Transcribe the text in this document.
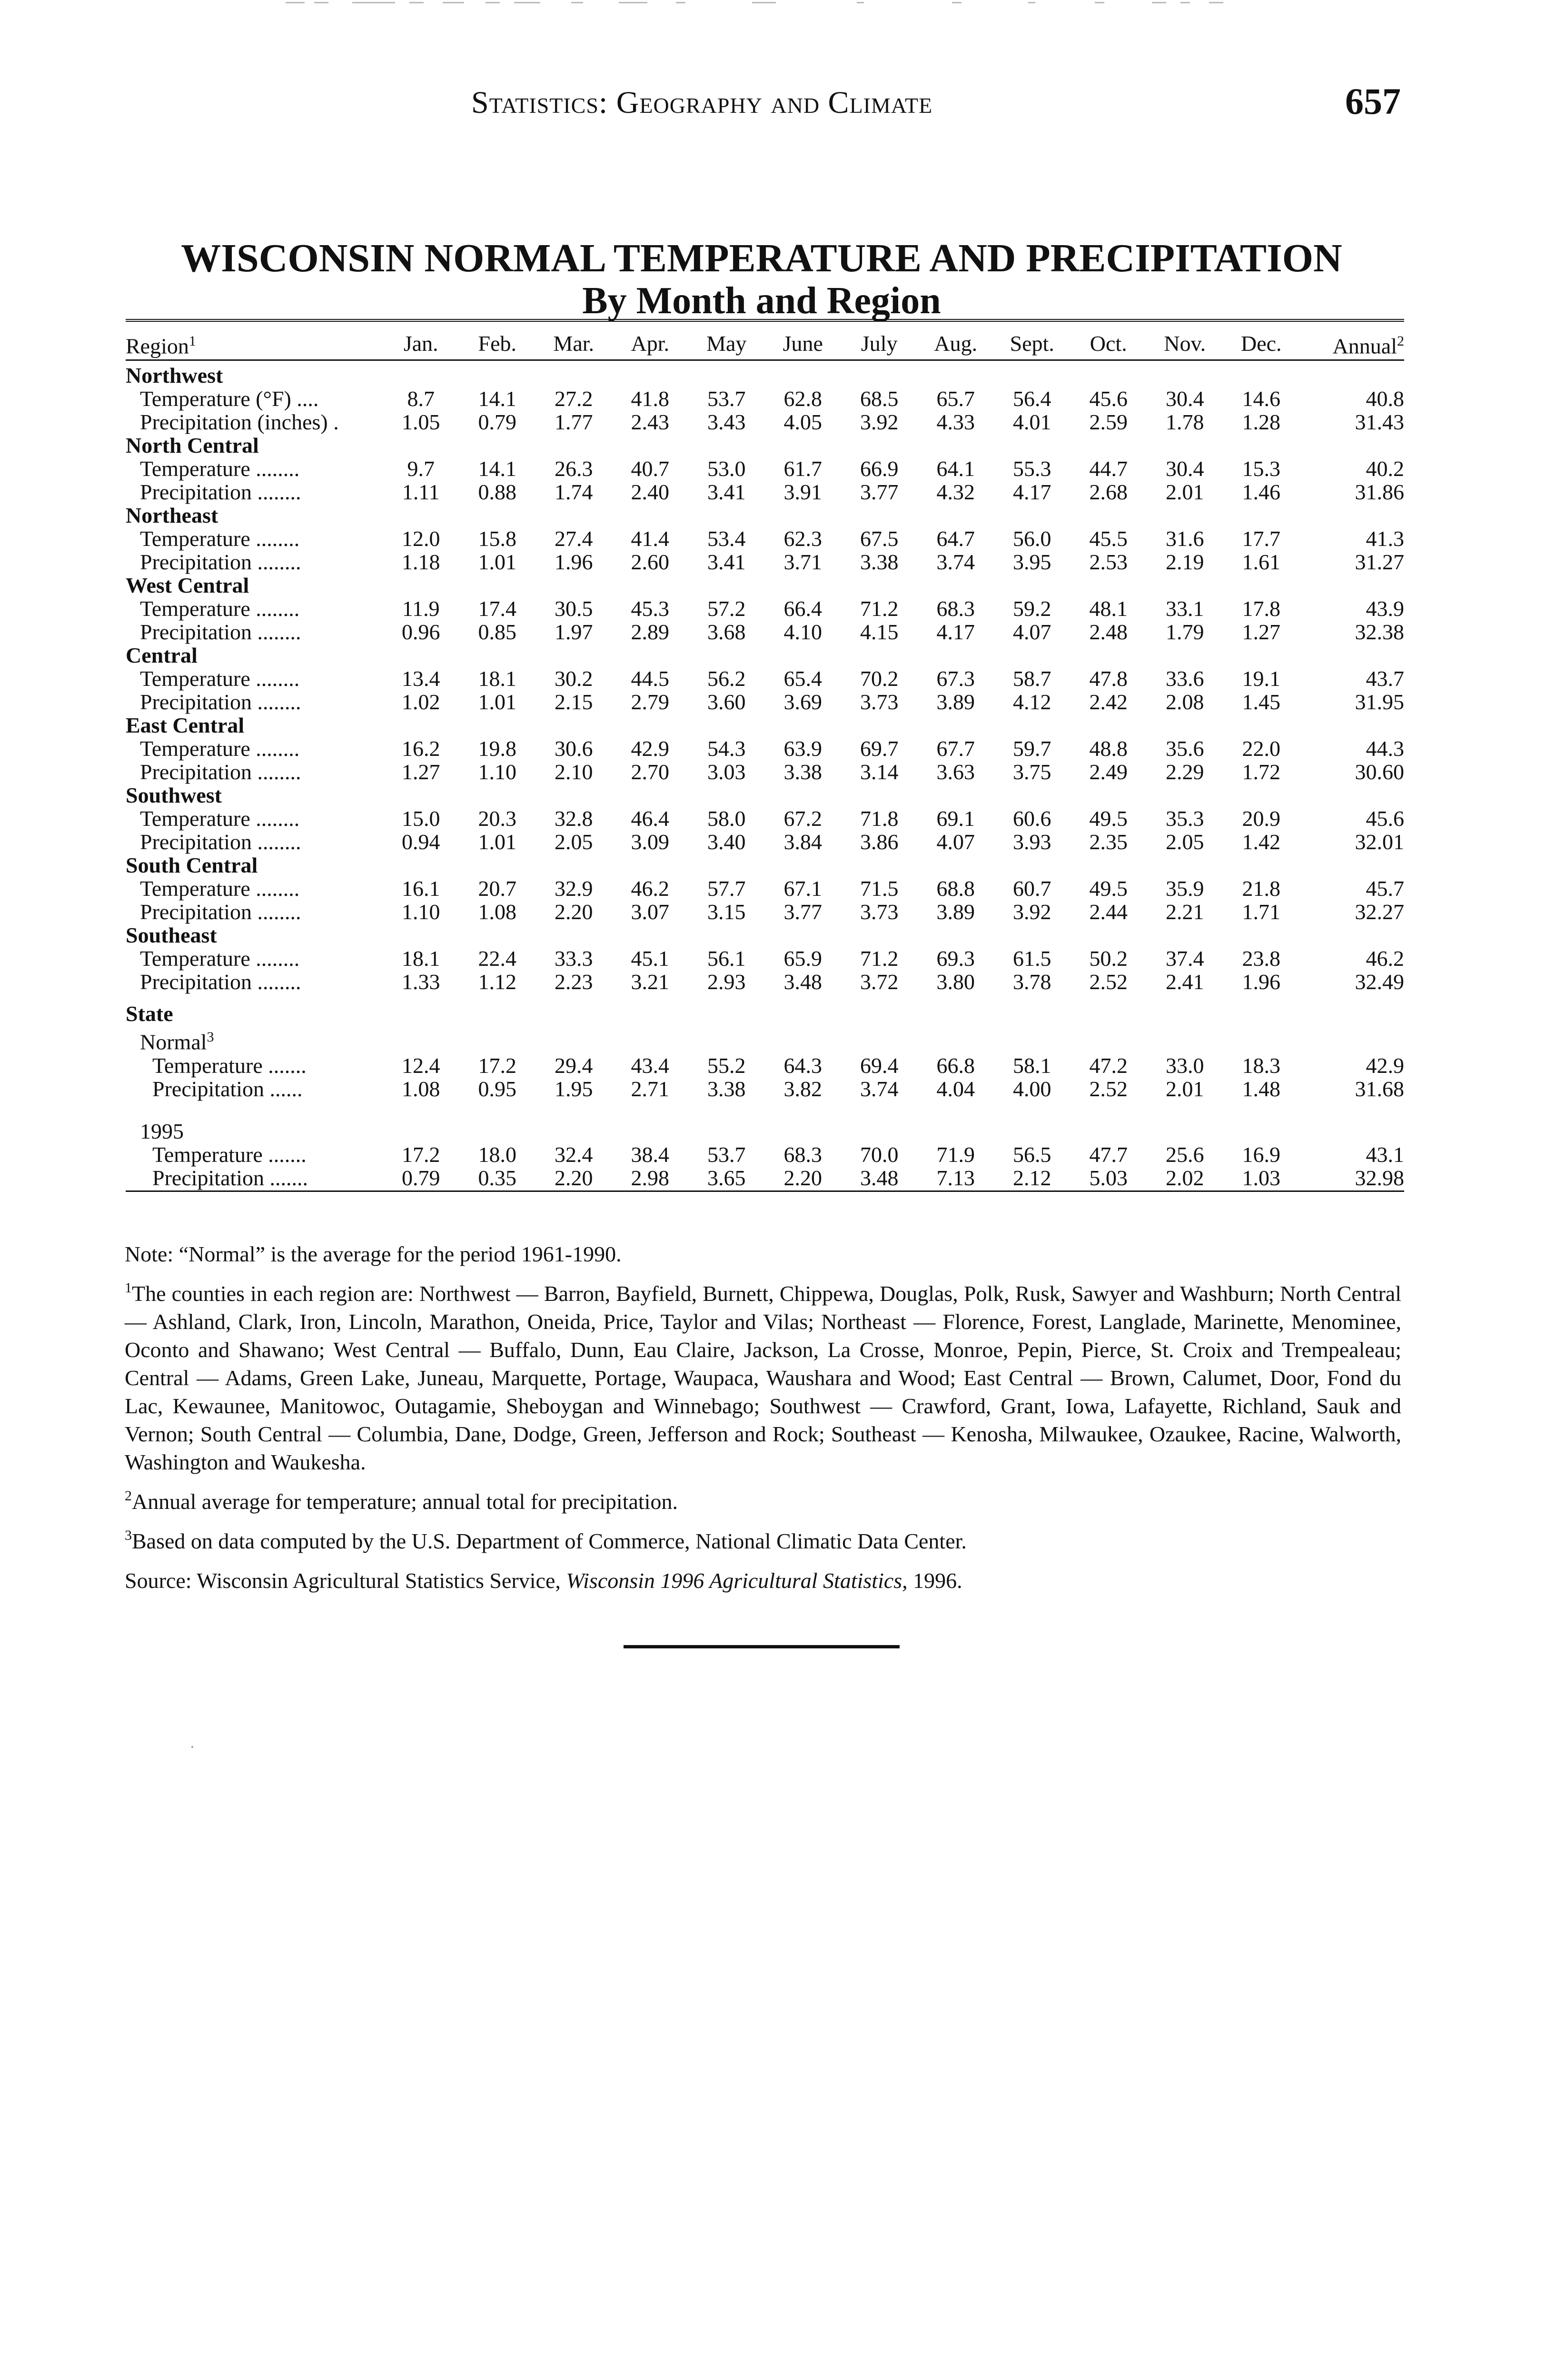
Statistics: Geography and Climate	657
WISCONSIN NORMAL TEMPERATURE AND PRECIPITATION
By Month and Region
Region$^1$	Jan.	Feb.	Mar.	Apr.	May	June	July	Aug.	Sept.	Oct.	Nov.	Dec.	Annual$^2$
Northwest													
Temperature (°F) ....	8.7	14.1	27.2	41.8	53.7	62.8	68.5	65.7	56.4	45.6	30.4	14.6	40.8
Precipitation (inches) .	1.05	0.79	1.77	2.43	3.43	4.05	3.92	4.33	4.01	2.59	1.78	1.28	31.43
North Central													
Temperature ........	9.7	14.1	26.3	40.7	53.0	61.7	66.9	64.1	55.3	44.7	30.4	15.3	40.2
Precipitation ........	1.11	0.88	1.74	2.40	3.41	3.91	3.77	4.32	4.17	2.68	2.01	1.46	31.86
Northeast													
Temperature ........	12.0	15.8	27.4	41.4	53.4	62.3	67.5	64.7	56.0	45.5	31.6	17.7	41.3
Precipitation ........	1.18	1.01	1.96	2.60	3.41	3.71	3.38	3.74	3.95	2.53	2.19	1.61	31.27
West Central													
Temperature ........	11.9	17.4	30.5	45.3	57.2	66.4	71.2	68.3	59.2	48.1	33.1	17.8	43.9
Precipitation ........	0.96	0.85	1.97	2.89	3.68	4.10	4.15	4.17	4.07	2.48	1.79	1.27	32.38
Central													
Temperature ........	13.4	18.1	30.2	44.5	56.2	65.4	70.2	67.3	58.7	47.8	33.6	19.1	43.7
Precipitation ........	1.02	1.01	2.15	2.79	3.60	3.69	3.73	3.89	4.12	2.42	2.08	1.45	31.95
East Central													
Temperature ........	16.2	19.8	30.6	42.9	54.3	63.9	69.7	67.7	59.7	48.8	35.6	22.0	44.3
Precipitation ........	1.27	1.10	2.10	2.70	3.03	3.38	3.14	3.63	3.75	2.49	2.29	1.72	30.60
Southwest													
Temperature ........	15.0	20.3	32.8	46.4	58.0	67.2	71.8	69.1	60.6	49.5	35.3	20.9	45.6
Precipitation ........	0.94	1.01	2.05	3.09	3.40	3.84	3.86	4.07	3.93	2.35	2.05	1.42	32.01
South Central													
Temperature ........	16.1	20.7	32.9	46.2	57.7	67.1	71.5	68.8	60.7	49.5	35.9	21.8	45.7
Precipitation ........	1.10	1.08	2.20	3.07	3.15	3.77	3.73	3.89	3.92	2.44	2.21	1.71	32.27
Southeast													
Temperature ........	18.1	22.4	33.3	45.1	56.1	65.9	71.2	69.3	61.5	50.2	37.4	23.8	46.2
Precipitation ........	1.33	1.12	2.23	3.21	2.93	3.48	3.72	3.80	3.78	2.52	2.41	1.96	32.49

State													
Normal$^3$
Temperature .......	12.4	17.2	29.4	43.4	55.2	64.3	69.4	66.8	58.1	47.2	33.0	18.3	42.9
Precipitation ......	1.08	0.95	1.95	2.71	3.38	3.82	3.74	4.04	4.00	2.52	2.01	1.48	31.68

1995													
Temperature .......	17.2	18.0	32.4	38.4	53.7	68.3	70.0	71.9	56.5	47.7	25.6	16.9	43.1
Precipitation .......	0.79	0.35	2.20	2.98	3.65	2.20	3.48	7.13	2.12	5.03	2.02	1.03	32.98

Note: “Normal” is the average for the period 1961-1990.

$^1$The counties in each region are: Northwest — Barron, Bayfield, Burnett, Chippewa, Douglas, Polk, Rusk, Sawyer and Washburn; North Central — Ashland, Clark, Iron, Lincoln, Marathon, Oneida, Price, Taylor and Vilas; Northeast — Florence, Forest, Langlade, Marinette, Menominee, Oconto and Shawano; West Central — Buffalo, Dunn, Eau Claire, Jackson, La Crosse, Monroe, Pepin, Pierce, St. Croix and Trempealeau; Central — Adams, Green Lake, Juneau, Marquette, Portage, Waupaca, Waushara and Wood; East Central — Brown, Calumet, Door, Fond du Lac, Kewaunee, Manitowoc, Outagamie, Sheboygan and Winnebago; Southwest — Crawford, Grant, Iowa, Lafayette, Richland, Sauk and Vernon; South Central — Columbia, Dane, Dodge, Green, Jefferson and Rock; Southeast — Kenosha, Milwaukee, Ozaukee, Racine, Walworth, Washington and Waukesha.

$^2$Annual average for temperature; annual total for precipitation.

$^3$Based on data computed by the U.S. Department of Commerce, National Climatic Data Center.

Source: Wisconsin Agricultural Statistics Service, Wisconsin 1996 Agricultural Statistics, 1996.
